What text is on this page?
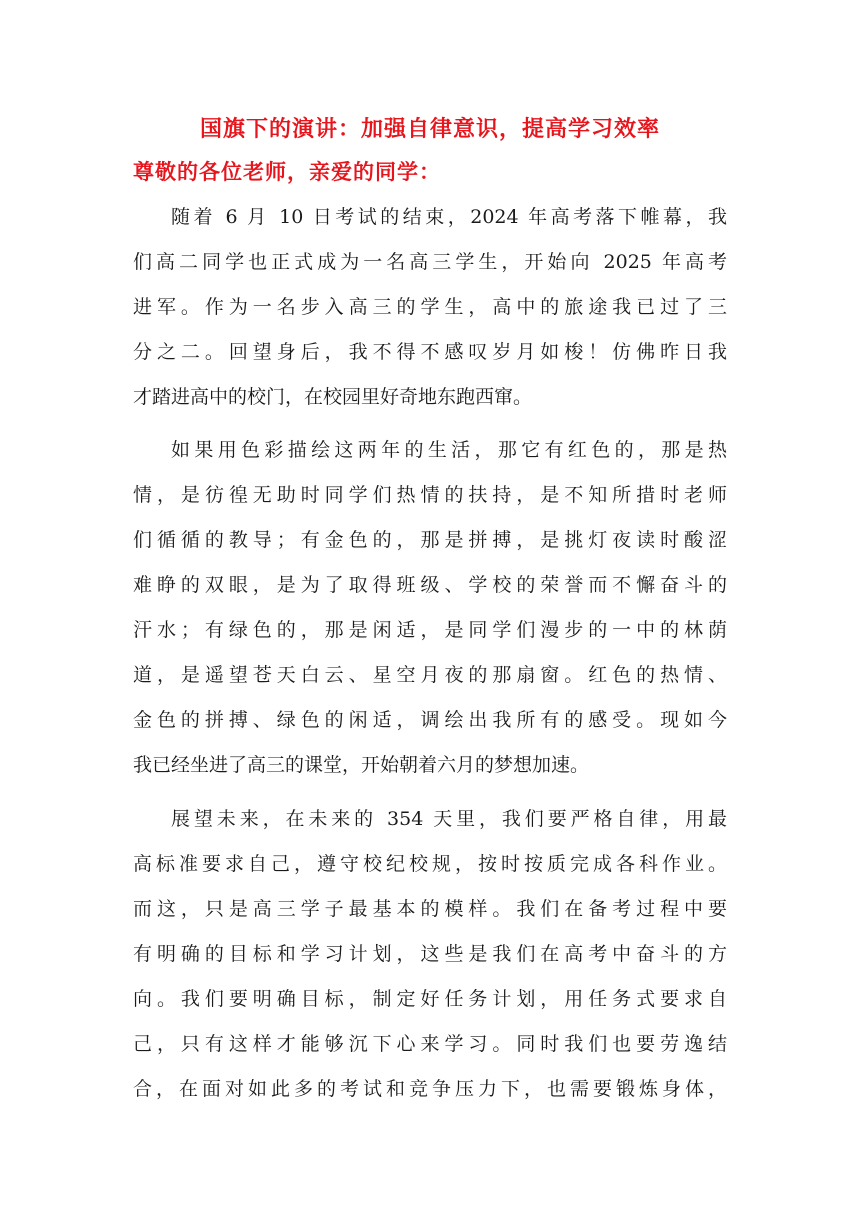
国旗下的演讲：加强自律意识，提高学习效率
尊敬的各位老师，亲爱的同学：
随着 6 月 10 日考试的结束，2024 年高考落下帷幕，我
们高二同学也正式成为一名高三学生，开始向 2025 年高考
进军。作为一名步入高三的学生，高中的旅途我已过了三
分之二。回望身后，我不得不感叹岁月如梭！仿佛昨日我
才踏进高中的校门，在校园里好奇地东跑西窜。
如果用色彩描绘这两年的生活，那它有红色的，那是热
情，是彷徨无助时同学们热情的扶持，是不知所措时老师
们循循的教导；有金色的，那是拼搏，是挑灯夜读时酸涩
难睁的双眼，是为了取得班级、学校的荣誉而不懈奋斗的
汗水；有绿色的，那是闲适，是同学们漫步的一中的林荫
道，是遥望苍天白云、星空月夜的那扇窗。红色的热情、
金色的拼搏、绿色的闲适，调绘出我所有的感受。现如今
我已经坐进了高三的课堂，开始朝着六月的梦想加速。
展望未来，在未来的 354 天里，我们要严格自律，用最
高标准要求自己，遵守校纪校规，按时按质完成各科作业。
而这，只是高三学子最基本的模样。我们在备考过程中要
有明确的目标和学习计划，这些是我们在高考中奋斗的方
向。我们要明确目标，制定好任务计划，用任务式要求自
己，只有这样才能够沉下心来学习。同时我们也要劳逸结
合，在面对如此多的考试和竞争压力下，也需要锻炼身体，
